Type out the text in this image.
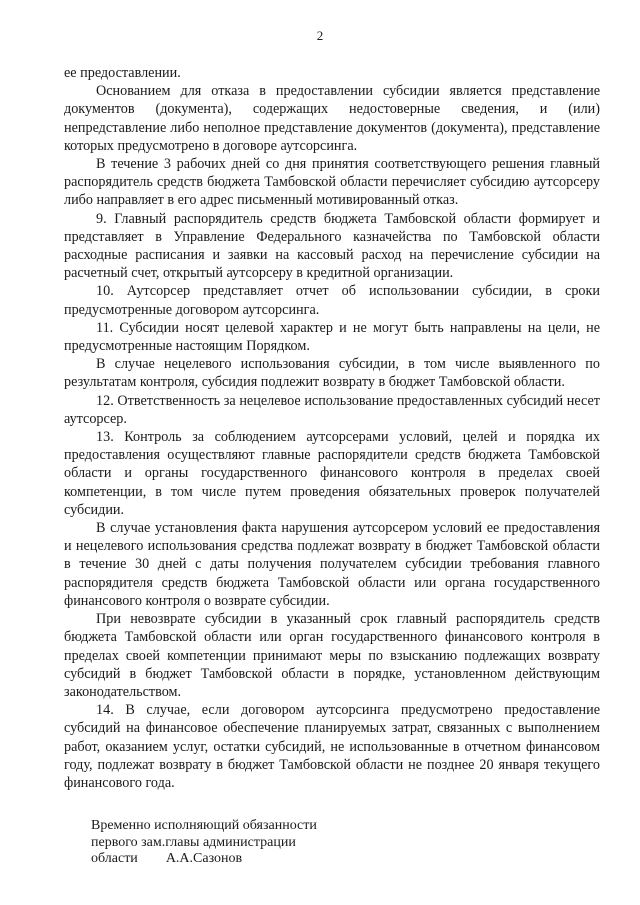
2

ее предоставлении.

Основанием для отказа в предоставлении субсидии является представление документов (документа), содержащих недостоверные сведения, и (или) непредставление либо неполное представление документов (документа), представление которых предусмотрено в договоре аутсорсинга.

В течение 3 рабочих дней со дня принятия соответствующего решения главный распорядитель средств бюджета Тамбовской области перечисляет субсидию аутсорсеру либо направляет в его адрес письменный мотивированный отказ.

9. Главный распорядитель средств бюджета Тамбовской области формирует и представляет в Управление Федерального казначейства по Тамбовской области расходные расписания и заявки на кассовый расход на перечисление субсидии на расчетный счет, открытый аутсорсеру в кредитной организации.

10. Аутсорсер представляет отчет об использовании субсидии, в сроки предусмотренные договором аутсорсинга.

11. Субсидии носят целевой характер и не могут быть направлены на цели, не предусмотренные настоящим Порядком.

В случае нецелевого использования субсидии, в том числе выявленного по результатам контроля, субсидия подлежит возврату в бюджет Тамбовской области.

12. Ответственность за нецелевое использование предоставленных субсидий несет аутсорсер.

13. Контроль за соблюдением аутсорсерами условий, целей и порядка их предоставления осуществляют главные распорядители средств бюджета Тамбовской области и органы государственного финансового контроля в пределах своей компетенции, в том числе путем проведения обязательных проверок получателей субсидии.

В случае установления факта нарушения аутсорсером условий ее предоставления и нецелевого использования средства подлежат возврату в бюджет Тамбовской области в течение 30 дней с даты получения получателем субсидии требования главного распорядителя средств бюджета Тамбовской области или органа государственного финансового контроля о возврате субсидии.

При невозврате субсидии в указанный срок главный распорядитель средств бюджета Тамбовской области или орган государственного финансового контроля в пределах своей компетенции принимают меры по взысканию подлежащих возврату субсидий в бюджет Тамбовской области в порядке, установленном действующим законодательством.

14. В случае, если договором аутсорсинга предусмотрено предоставление субсидий на финансовое обеспечение планируемых затрат, связанных с выполнением работ, оказанием услуг, остатки субсидий, не использованные в отчетном финансовом году, подлежат возврату в бюджет Тамбовской области не позднее 20 января текущего финансового года.

Временно исполняющий обязанности
первого зам.главы администрации
области А.А.Сазонов
